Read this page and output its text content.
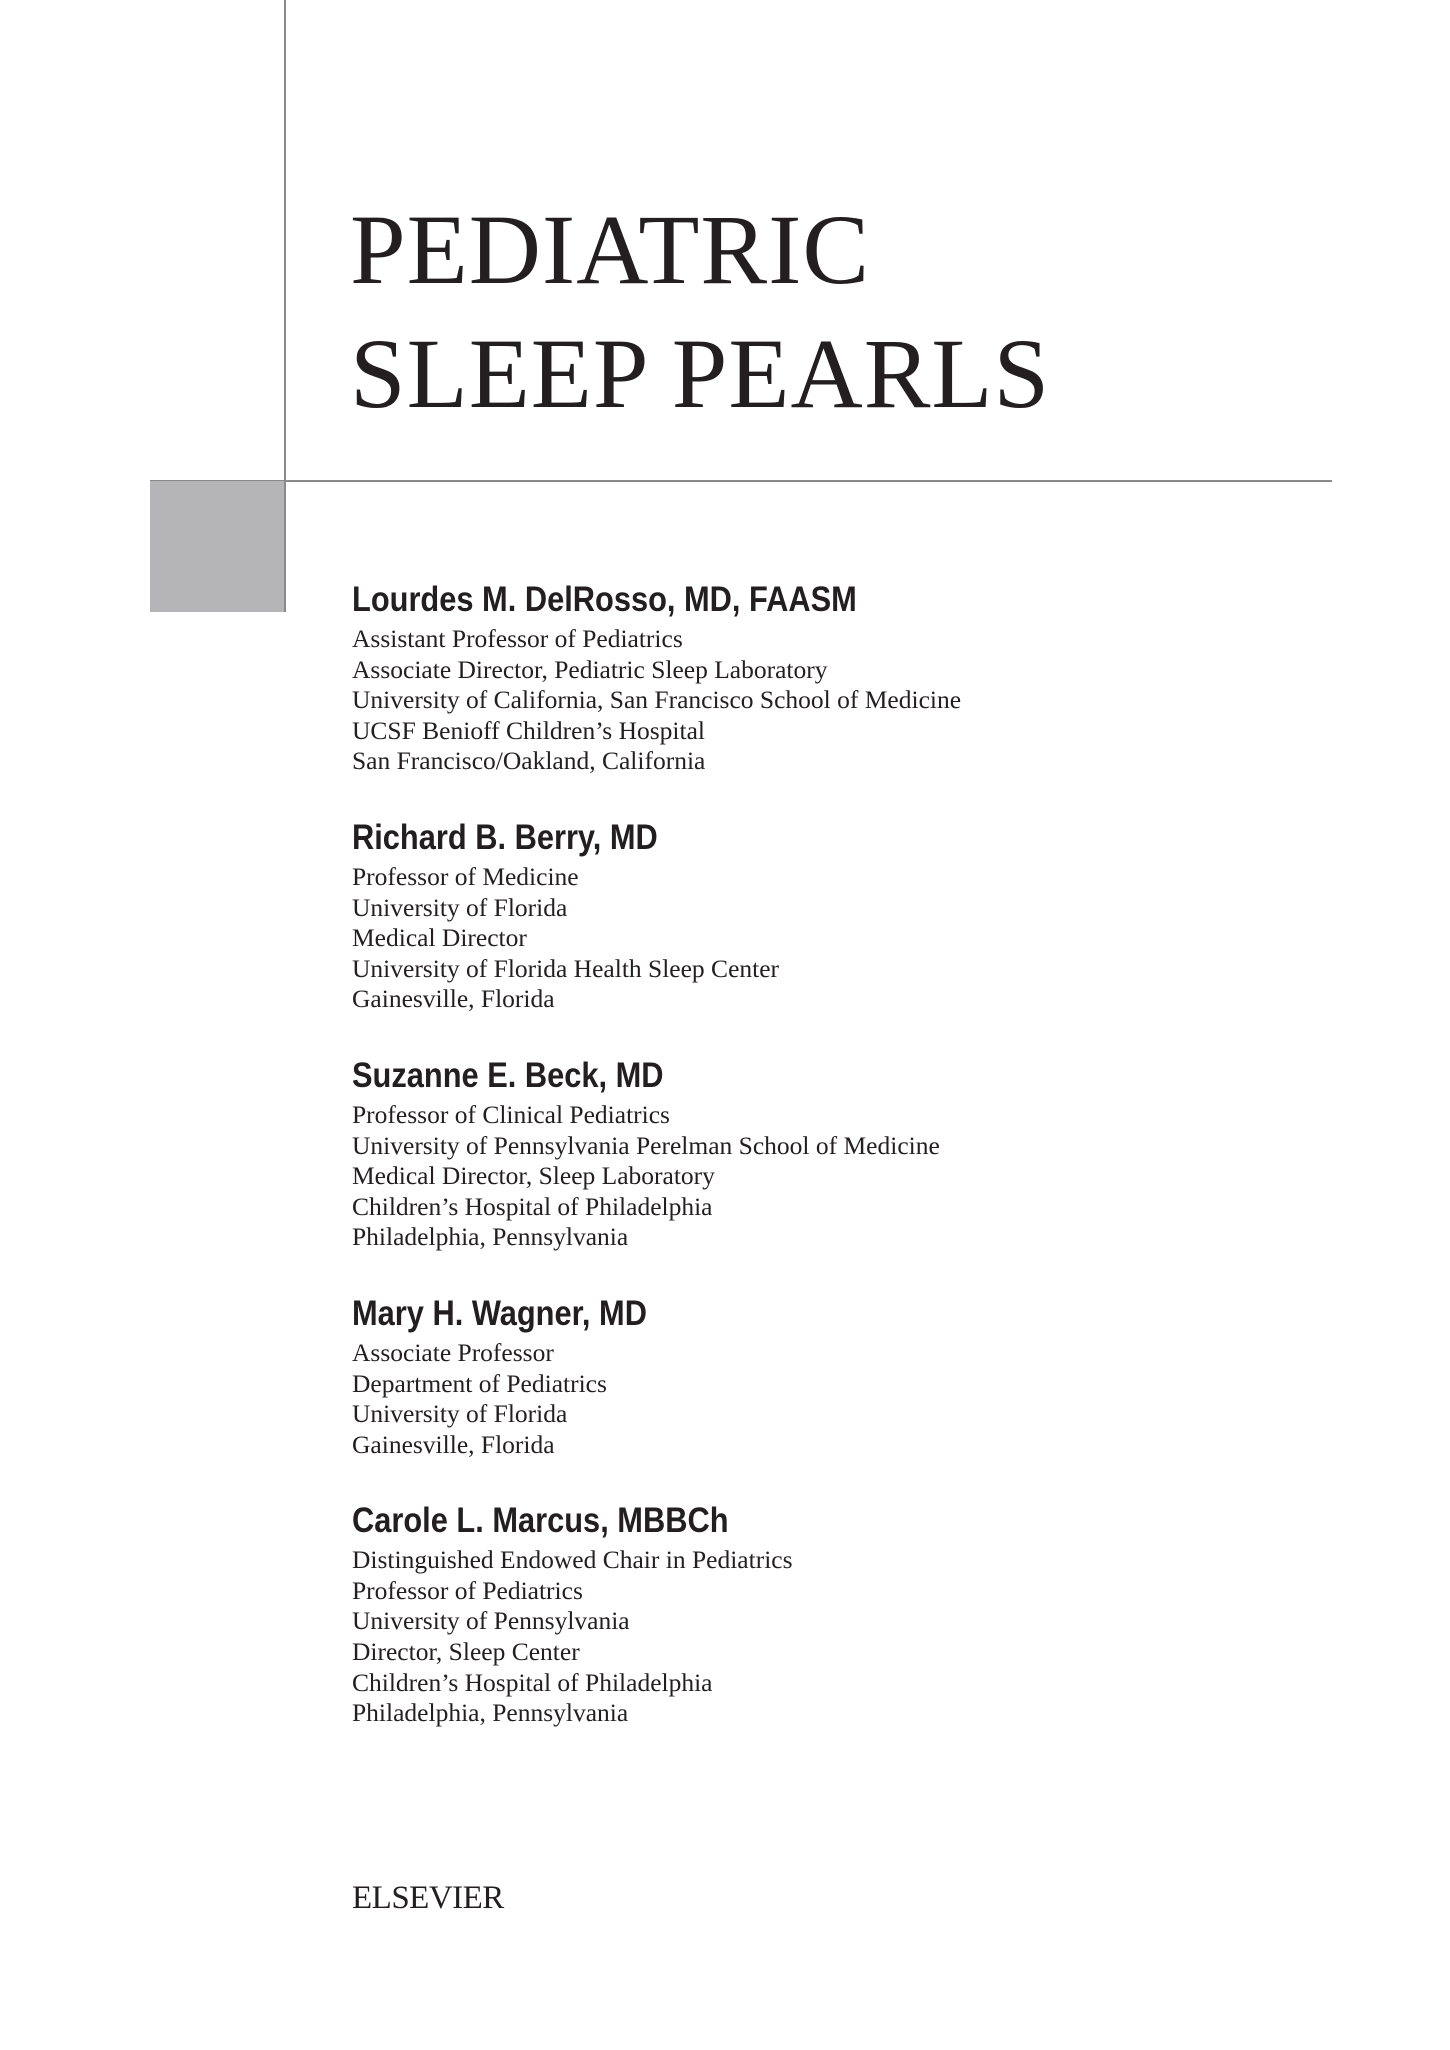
PEDIATRIC
SLEEP PEARLS
Lourdes M. DelRosso, MD, FAASM
Assistant Professor of Pediatrics
Associate Director, Pediatric Sleep Laboratory
University of California, San Francisco School of Medicine
UCSF Benioff Children’s Hospital
San Francisco/Oakland, California
Richard B. Berry, MD
Professor of Medicine
University of Florida
Medical Director
University of Florida Health Sleep Center
Gainesville, Florida
Suzanne E. Beck, MD
Professor of Clinical Pediatrics
University of Pennsylvania Perelman School of Medicine
Medical Director, Sleep Laboratory
Children’s Hospital of Philadelphia
Philadelphia, Pennsylvania
Mary H. Wagner, MD
Associate Professor
Department of Pediatrics
University of Florida
Gainesville, Florida
Carole L. Marcus, MBBCh
Distinguished Endowed Chair in Pediatrics
Professor of Pediatrics
University of Pennsylvania
Director, Sleep Center
Children’s Hospital of Philadelphia
Philadelphia, Pennsylvania
ELSEVIER
